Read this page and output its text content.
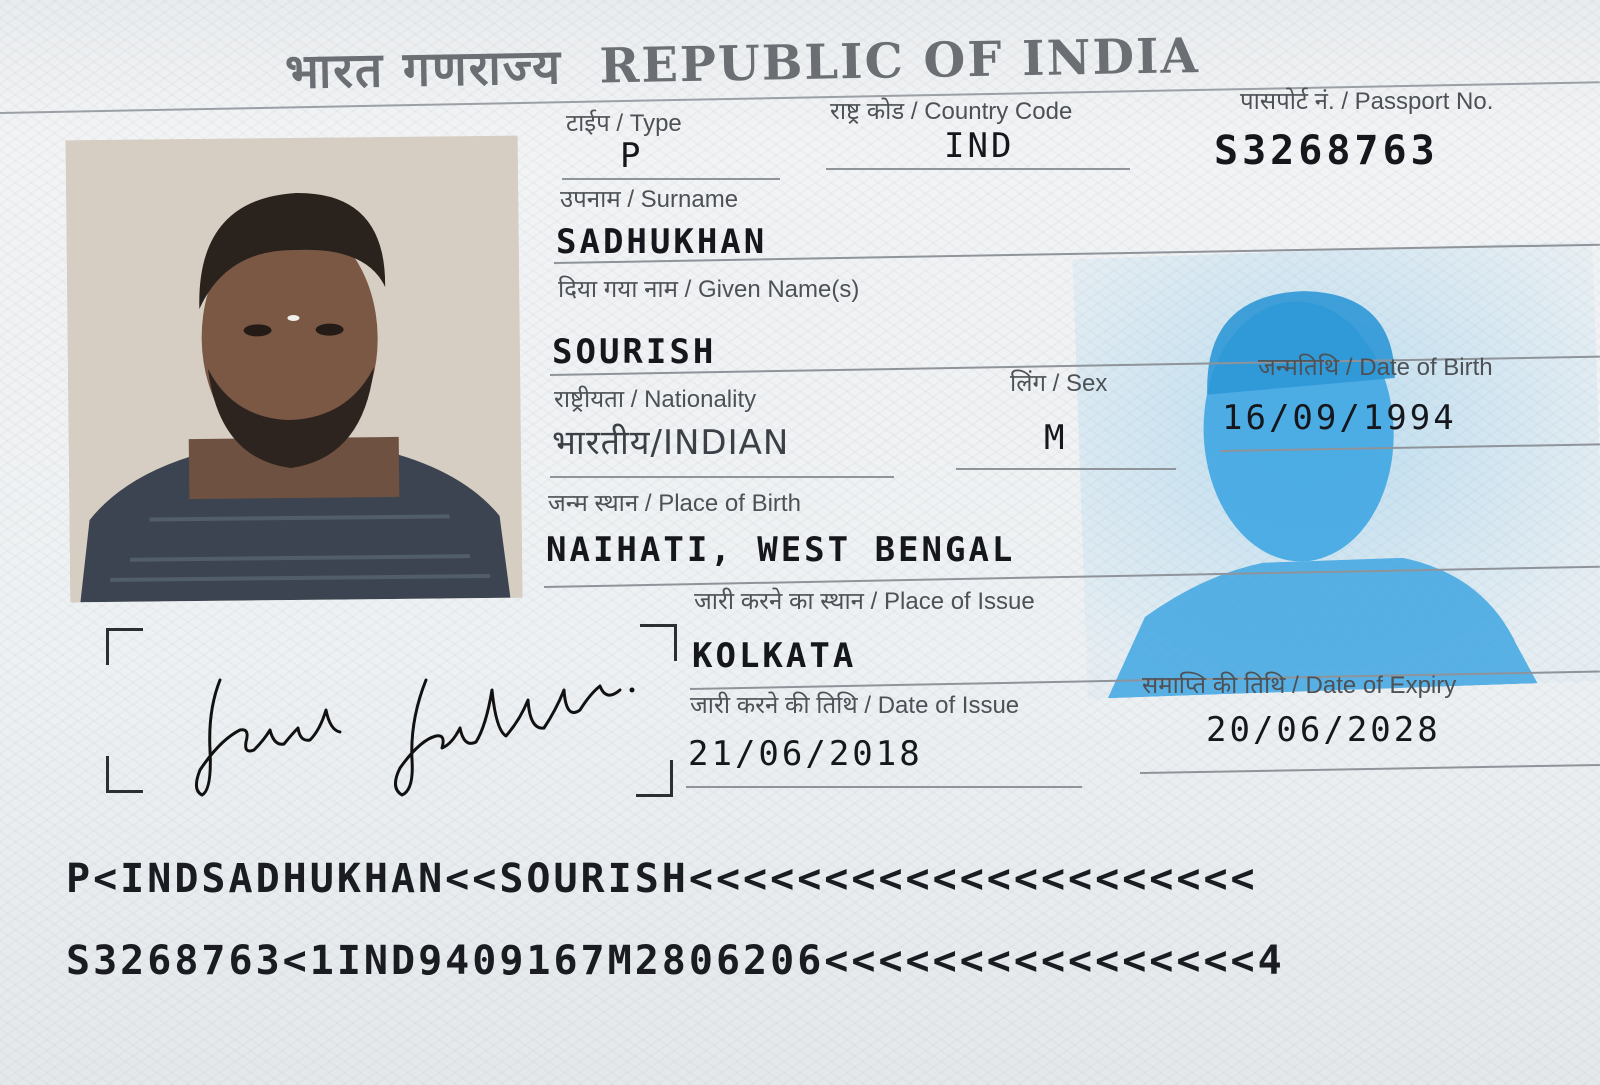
भारत गणराज्य REPUBLIC OF INDIA
टाईप / Type
P
राष्ट्र कोड / Country Code
IND
पासपोर्ट नं. / Passport No.
S3268763
उपनाम / Surname
SADHUKHAN
दिया गया नाम / Given Name(s)
SOURISH
राष्ट्रीयता / Nationality
भारतीय/INDIAN
लिंग / Sex
M
जन्मतिथि / Date of Birth
16/09/1994
जन्म स्थान / Place of Birth
NAIHATI, WEST BENGAL
जारी करने का स्थान / Place of Issue
KOLKATA
जारी करने की तिथि / Date of Issue
21/06/2018
समाप्ति की तिथि / Date of Expiry
20/06/2028
P<INDSADHUKHAN<<SOURISH<<<<<<<<<<<<<<<<<<<<<
S3268763<1IND9409167M2806206<<<<<<<<<<<<<<<<4
